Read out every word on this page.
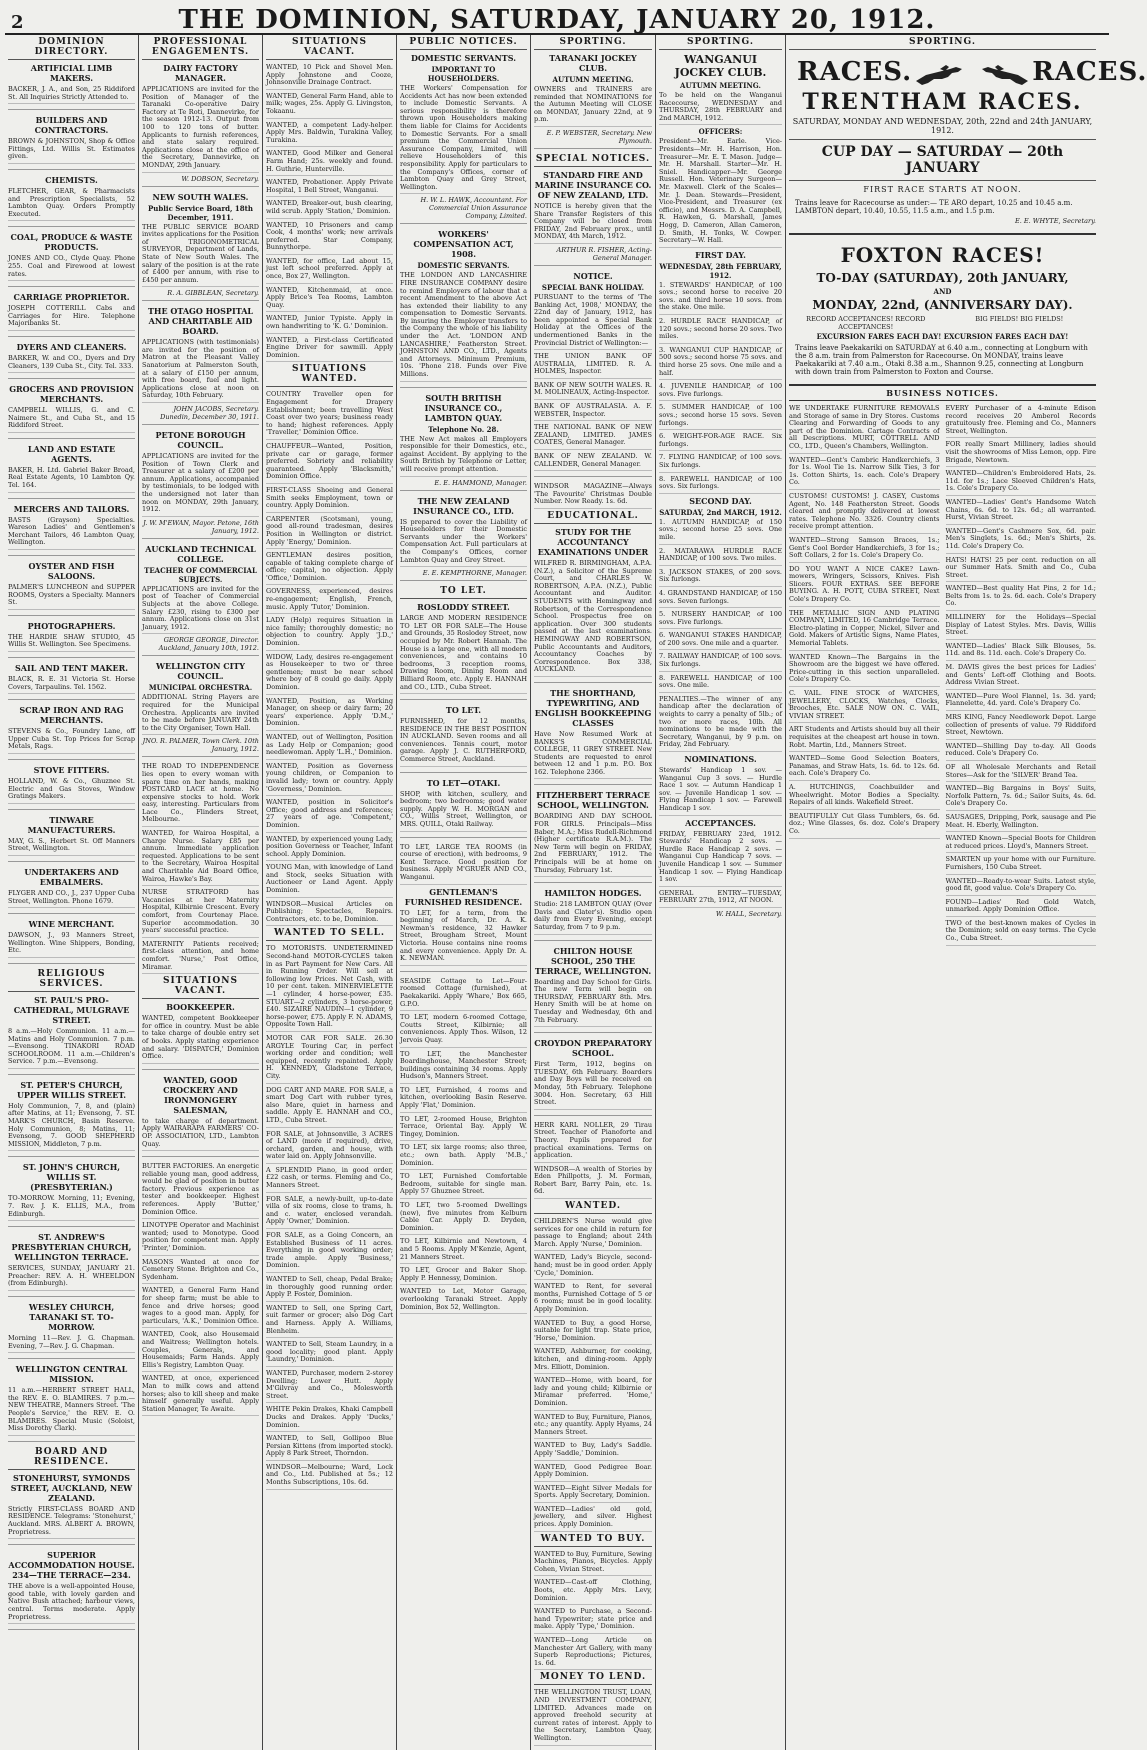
2	THE DOMINION, SATURDAY, JANUARY 20, 1912.
DOMINION DIRECTORY.
ARTIFICIAL LIMB MAKERS.
BACKER, J. A., and Son, 25 Riddiford St. All Inquiries Strictly Attended to.
BUILDERS AND CONTRACTORS.
BROWN & JOHNSTON, Shop & Office Fittings, Ltd. Willis St. Estimates given.
CHEMISTS.
FLETCHER, GEAR, & Pharmacists and Prescription Specialists, 52 Lambton Quay. Orders Promptly Executed.
COAL, PRODUCE & WASTE PRODUCTS.
JONES AND CO., Clyde Quay. Phone 255. Coal and Firewood at lowest rates.
CARRIAGE PROPRIETOR.
JOSEPH COTTERILL Cabs and Carriages for Hire. Telephone Majoribanks St.
DYERS AND CLEANERS.
BARKER, W. and CO., Dyers and Dry Cleaners, 139 Cuba St., City. Tel. 333.
GROCERS AND PROVISION MERCHANTS.
CAMPBELL WILLIS, G. and C. Naimere St., and Cuba St., and 15 Riddiford Street.
LAND AND ESTATE AGENTS.
BAKER, H. Ltd. Gabriel Baker Broad, Real Estate Agents, 10 Lambton Qy. Tel. 164.
MERCERS AND TAILORS.
BASTS (Grayson) Specialties. Wareson Ladies' and Gentlemen's Merchant Tailors, 46 Lambton Quay, Wellington.
OYSTER AND FISH SALOONS.
PALMER'S LUNCHEON and SUPPER ROOMS, Oysters a Specialty. Manners St.
PHOTOGRAPHERS.
THE HARDIE SHAW STUDIO, 45 Willis St. Wellington. See Specimens.
SAIL AND TENT MAKER.
BLACK, R. E. 31 Victoria St. Horse Covers, Tarpaulins. Tel. 1562.
SCRAP IRON AND RAG MERCHANTS.
STEVENS & Co., Foundry Lane, off Upper Cuba St. Top Prices for Scrap Metals, Rags.
STOVE FITTERS.
HOLLAND, W. & Co., Ghuznee St. Electric and Gas Stoves, Window Gratings Makers.
TINWARE MANUFACTURERS.
MAY, G. S., Herbert St. Off Manners Street, Wellington.
UNDERTAKERS AND EMBALMERS.
FLYGER AND CO., J., 237 Upper Cuba Street, Wellington. Phone 1679.
WINE MERCHANT.
DAWSON, J., 93 Manners Street, Wellington. Wine Shippers, Bonding, Etc.
RELIGIOUS SERVICES.
ST. PAUL'S PRO-CATHEDRAL, MULGRAVE STREET.
8 a.m.—Holy Communion. 11 a.m.—Matins and Holy Communion. 7 p.m.—Evensong. TINAKORI ROAD SCHOOLROOM. 11 a.m.—Children's Service. 7 p.m.—Evensong.
ST. PETER'S CHURCH, UPPER WILLIS STREET.
Holy Communion, 7, 8, and (plain) after Matins, at 11; Evensong, 7. ST. MARK'S CHURCH, Basin Reserve. Holy Communion, 8; Matins, 11; Evensong, 7. GOOD SHEPHERD MISSION, Middleton, 7 p.m.
ST. JOHN'S CHURCH, WILLIS ST. (PRESBYTERIAN.)
TO-MORROW. Morning, 11; Evening, 7. Rev. J. K. ELLIS, M.A., from Edinburgh.
ST. ANDREW'S PRESBYTERIAN CHURCH, WELLINGTON TERRACE.
SERVICES, SUNDAY, JANUARY 21. Preacher: REV. A. H. WHEELDON (from Edinburgh).
WESLEY CHURCH, TARANAKI ST. TO-MORROW.
Morning 11—Rev. J. G. Chapman. Evening, 7—Rev. J. G. Chapman.
WELLINGTON CENTRAL MISSION.
11 a.m.—HERBERT STREET HALL, the REV. E. O. BLAMIRES. 7 p.m.—NEW THEATRE, Manners Street. 'The People's Service,' the REV. E. O. BLAMIRES. Special Music (Soloist, Miss Dorothy Clark).
BOARD AND RESIDENCE.
STONEHURST, SYMONDS STREET, AUCKLAND, NEW ZEALAND.
Strictly FIRST-CLASS BOARD AND RESIDENCE. Telegrams: 'Stonehurst,' Auckland. MRS. ALBERT A. BROWN, Proprietress.
SUPERIOR ACCOMMODATION HOUSE. 234—THE TERRACE—234.
THE above is a well-appointed House, good table, with lovely garden and Native Bush attached; harbour views, central. Terms moderate. Apply Proprietress.
PROFESSIONAL ENGAGEMENTS.
DAIRY FACTORY MANAGER.
APPLICATIONS are invited for the Position of Manager of the Taranaki Co-operative Dairy Factory at Te Roti, Dannevirke, for the season 1912-13. Output from 100 to 120 tons of butter. Applicants to furnish references, and state salary required. Applications close at the office of the Secretary, Dannevirke, on MONDAY, 29th January.
W. DOBSON, Secretary.
NEW SOUTH WALES.
Public Service Board, 18th December, 1911.
THE PUBLIC SERVICE BOARD invites applications for the Position of TRIGONOMETRICAL SURVEYOR, Department of Lands, State of New South Wales. The salary of the position is at the rate of £400 per annum, with rise to £450 per annum.
R. A. GIBBLEAN, Secretary.
THE OTAGO HOSPITAL AND CHARITABLE AID BOARD.
APPLICATIONS (with testimonials) are invited for the position of Matron at the Pleasant Valley Sanatorium at Palmerston South, at a salary of £150 per annum, with free board, fuel and light. Applications close at noon on Saturday, 10th February.
JOHN JACOBS, Secretary. Dunedin, December 30, 1911.
PETONE BOROUGH COUNCIL.
APPLICATIONS are invited for the Position of Town Clerk and Treasurer at a salary of £200 per annum. Applications, accompanied by testimonials, to be lodged with the undersigned not later than noon on MONDAY, 29th January, 1912.
J. W. M'EWAN, Mayor. Petone, 16th January, 1912.
AUCKLAND TECHNICAL COLLEGE.
TEACHER OF COMMERCIAL SUBJECTS.
APPLICATIONS are invited for the post of Teacher of Commercial Subjects at the above College. Salary £230, rising to £300 per annum. Applications close on 31st January, 1912.
GEORGE GEORGE, Director. Auckland, January 10th, 1912.
WELLINGTON CITY COUNCIL.
MUNICIPAL ORCHESTRA.
ADDITIONAL String Players are required for the Municipal Orchestra. Applicants are invited to be made before JANUARY 24th to the City Organiser, Town Hall.
JNO. R. PALMER, Town Clerk. 10th January, 1912.
THE ROAD TO INDEPENDENCE lies open to every woman with spare time on her hands, making POSTCARD LACE at home. No expensive stocks to hold. Work easy, interesting. Particulars from Lace Co., Flinders Street, Melbourne.
WANTED, for Wairoa Hospital, a Charge Nurse. Salary £85 per annum. Immediate application requested. Applications to be sent to the Secretary, Wairoa Hospital and Charitable Aid Board Office, Wairoa, Hawke's Bay.
NURSE STRATFORD has Vacancies at her Maternity Hospital, Kilbirnie Crescent. Every comfort, from Courtenay Place. Superior accommodation. 30 years' successful practice.
MATERNITY Patients received; first-class attention, and home comfort. 'Nurse,' Post Office, Miramar.
SITUATIONS VACANT.
BOOKKEEPER.
WANTED, competent Bookkeeper for office in country. Must be able to take charge of double entry set of books. Apply stating experience and salary. 'DISPATCH,' Dominion Office.
WANTED, GOOD CROCKERY AND IRONMONGERY SALESMAN,
to take charge of department. Apply WAIRARAPA FARMERS' CO-OP. ASSOCIATION, LTD., Lambton Quay.
BUTTER FACTORIES. An energetic reliable young man, good address, would be glad of position in butter factory. Previous experience as tester and bookkeeper. Highest references. Apply 'Butter,' Dominion Office.
LINOTYPE Operator and Machinist wanted; used to Monotype. Good position for competent man. Apply 'Printer,' Dominion.
MASONS Wanted at once for Cemetery Stone. Brighton and Co., Sydenham.
WANTED, a General Farm Hand for sheep farm; must be able to fence and drive horses; good wages to a good man. Apply, for particulars, 'A.K.,' Dominion Office.
WANTED, Cook, also Housemaid and Waitress; Wellington hotels. Couples, Generals, and Housemaids; Farm Hands. Apply Ellis's Registry, Lambton Quay.
WANTED, at once, experienced Man to milk cows and attend horses; also to kill sheep and make himself generally useful. Apply Station Manager, Te Awaite.
SITUATIONS VACANT.
WANTED, 10 Pick and Shovel Men. Apply Johnstone and Cooze, Johnsonville Drainage Contract.
WANTED, General Farm Hand, able to milk; wages, 25s. Apply G. Livingston, Tokaanu.
WANTED, a competent Lady-helper. Apply Mrs. Baldwin, Turakina Valley, Turakina.
WANTED, Good Milker and General Farm Hand; 25s. weekly and found. H. Guthrie, Hunterville.
WANTED, Probationer. Apply Private Hospital, 1 Bell Street, Wanganui.
WANTED, Breaker-out, bush clearing, wild scrub. Apply 'Station,' Dominion.
WANTED, 10 Prisoners and camp Cook, 4 months' work; new arrivals preferred. Star Company, Bunnythorpe.
WANTED, for office, Lad about 15, just left school preferred. Apply at once, Box 27, Wellington.
WANTED, Kitchenmaid, at once. Apply Brice's Tea Rooms, Lambton Quay.
WANTED, Junior Typiste. Apply in own handwriting to 'K. G.' Dominion.
WANTED, a First-class Certificated Engine Driver for sawmill. Apply Dominion.
SITUATIONS WANTED.
COUNTRY Traveller open for Engagement for Drapery Establishment; been travelling West Coast over two years; business ready to hand; highest references. Apply 'Traveller,' Dominion Office.
CHAUFFEUR—Wanted, Position, private car or garage, former preferred. Sobriety and reliability guaranteed. Apply 'Blacksmith,' Dominion Office.
FIRST-CLASS Shoeing and General Smith seeks Employment, town or country. Apply Dominion.
CARPENTER (Scotsman), young, good all-round tradesman, desires Position in Wellington or district. Apply 'Energy,' Dominion.
GENTLEMAN desires position, capable of taking complete charge of office; capital, no objection. Apply 'Office,' Dominion.
GOVERNESS, experienced, desires re-engagement; English, French, music. Apply 'Tutor,' Dominion.
LADY (Help) requires Situation in nice family; thoroughly domestic; no objection to country. Apply 'J.D.,' Dominion.
WIDOW, Lady, desires re-engagement as Housekeeper to two or three gentlemen; must be near school where boy of 8 could go daily. Apply Dominion.
WANTED, Position, as Working Manager, on sheep or dairy farm; 20 years' experience. Apply 'D.M.,' Dominion.
WANTED, out of Wellington, Position as Lady Help or Companion; good needlewoman. Apply 'L.H.,' Dominion.
WANTED, Position as Governess young children, or Companion to invalid lady; town or country. Apply 'Governess,' Dominion.
WANTED, position in Solicitor's Office; good address and references; 27 years of age. 'Competent,' Dominion.
WANTED, by experienced young Lady, position Governess or Teacher, Infant school. Apply Dominion.
YOUNG Man, with knowledge of Land and Stock, seeks Situation with Auctioneer or Land Agent. Apply Dominion.
WINDSOR—Musical Articles on Publishing; Spectacles, Repairs. Contractors, etc. to be, Dominion.
WANTED TO SELL.
TO MOTORISTS. UNDETERMINED Second-hand MOTOR-CYCLES taken in as Part Payment for New Cars. All in Running Order. Will sell at following low Prices. Net Cash, with 10 per cent. taken. MINERVIELETTE—1 cylinder, 4 horse-power, £35. STUART—2 cylinders, 3 horse-power, £40. SIZAIRE NAUDIN—1 cylinder, 9 horse-power, £75. Apply F. N. ADAMS, Opposite Town Hall.
MOTOR CAR FOR SALE. 26.30 ARGYLE Touring Car, in perfect working order and condition; well equipped, recently repainted. Apply H. KENNEDY, Gladstone Terrace, City.
DOG CART AND MARE. FOR SALE, a smart Dog Cart with rubber tyres, also Mare, quiet in harness and saddle. Apply E. HANNAH and CO., LTD., Cuba Street.
FOR SALE, at Johnsonville, 3 ACRES of LAND (more if required), drive, orchard, garden, and house, with water laid on. Apply Johnsonville.
A SPLENDID Piano, in good order, £22 cash, or terms. Fleming and Co., Manners Street.
FOR SALE, a newly-built, up-to-date villa of six rooms, close to trams, h. and c. water, enclosed verandah. Apply 'Owner,' Dominion.
FOR SALE, as a Going Concern, an Established Business of 11 acres. Everything in good working order; trade ample. Apply 'Business,' Dominion.
WANTED to Sell, cheap, Pedal Brake; in thoroughly good running order. Apply P. Foster, Dominion.
WANTED to Sell, one Spring Cart, suit farmer or grocer; also Dog Cart and Harness. Apply A. Williams, Blenheim.
WANTED to Sell, Steam Laundry, in a good locality; good plant. Apply 'Laundry,' Dominion.
WANTED, Purchaser, modern 2-storey Dwelling; Lower Hutt. Apply M'Gilvray and Co., Molesworth Street.
WHITE Pekin Drakes, Khaki Campbell Ducks and Drakes. Apply 'Ducks,' Dominion.
WANTED, to Sell, Gollipoo Blue Persian Kittens (from imported stock). Apply 8 Park Street, Thorndon.
WINDSOR—Melbourne; Ward, Lock and Co., Ltd. Published at 5s.; 12 Months Subscriptions, 10s. 6d.
PUBLIC NOTICES.
DOMESTIC SERVANTS.
IMPORTANT TO HOUSEHOLDERS.
THE Workers' Compensation for Accidents Act has now been extended to include Domestic Servants. A serious responsibility is therefore thrown upon Householders making them liable for Claims for Accidents to Domestic Servants. For a small premium the Commercial Union Assurance Company, Limited, will relieve Householders of this responsibility. Apply for particulars to the Company's Offices, corner of Lambton Quay and Grey Street, Wellington.
H. W. L. HAWK, Accountant. For Commercial Union Assurance Company, Limited.
WORKERS' COMPENSATION ACT, 1908.
DOMESTIC SERVANTS.
THE LONDON AND LANCASHIRE FIRE INSURANCE COMPANY desire to remind Employers of labour that a recent Amendment to the above Act has extended their liability to any compensation to Domestic Servants. By insuring the Employer transfers to the Company the whole of his liability under the Act. 'LONDON AND LANCASHIRE,' Featherston Street. JOHNSTON AND CO., LTD., Agents and Attorneys. Minimum Premium, 10s. 'Phone 218. Funds over Five Millions.
SOUTH BRITISH INSURANCE CO., LAMBTON QUAY.
Telephone No. 28.
THE New Act makes all Employers responsible for their Domestics, etc., against Accident. By applying to the South British by Telephone or Letter, will receive prompt attention.
E. E. HAMMOND, Manager.
THE NEW ZEALAND INSURANCE CO., LTD.
IS prepared to cover the Liability of Householders for their Domestic Servants under the Workers' Compensation Act. Full particulars at the Company's Offices, corner Lambton Quay and Grey Street.
E. E. KEMPTHORNE, Manager.
TO LET.
ROSLODDY STREET.
LARGE AND MODERN RESIDENCE TO LET OR FOR SALE—The House and Grounds, 35 Roslodey Street, now occupied by Mr. Robert Hannah. The House is a large one, with all modern conveniences, and contains 10 bedrooms, 3 reception rooms, Drawing Room, Dining Room and Billiard Room, etc. Apply E. HANNAH and CO., LTD., Cuba Street.
TO LET.
FURNISHED, for 12 months, RESIDENCE IN THE BEST POSITION IN AUCKLAND. Seven rooms and all conveniences. Tennis court, motor garage. Apply J. C. RUTHERFORD, Commerce Street, Auckland.
TO LET—OTAKI.
SHOP, with kitchen, scullery, and bedroom; two bedrooms; good water supply. Apply W. H. MORGAN and CO., Willis Street, Wellington, or MRS. QUILL, Otaki Railway.
TO LET, LARGE TEA ROOMS (in course of erection), with bedrooms, 9 Kent Terrace. Good position for business. Apply M'GRUER AND CO., Wanganui.
GENTLEMAN'S FURNISHED RESIDENCE.
TO LET, for a term, from the beginning of March, Dr. A. K. Newman's residence, 32 Hawker Street, Brougham Street, Mount Victoria. House contains nine rooms and every convenience. Apply Dr. A. K. NEWMAN.
SEASIDE Cottage to Let—Four-roomed Cottage (furnished), at Paekakariki. Apply 'Whare,' Box 665, G.P.O.
TO LET, modern 6-roomed Cottage, Coutts Street, Kilbirnie; all conveniences. Apply Thos. Wilson, 12 Jervois Quay.
TO LET, the Manchester Boardinghouse, Manchester Street; buildings containing 34 rooms. Apply Hudson's, Manners Street.
TO LET, Furnished, 4 rooms and kitchen, overlooking Basin Reserve. Apply 'Flat,' Dominion.
TO LET, 2-roomed House, Brighton Terrace, Oriental Bay. Apply W. Tingey, Dominion.
TO LET, six large rooms; also three, etc.; own bath. Apply 'M.B.,' Dominion.
TO LET, Furnished Comfortable Bedroom, suitable for single man. Apply 57 Ghuznee Street.
TO LET, two 5-roomed Dwellings (new), five minutes from Kelburn Cable Car. Apply D. Dryden, Dominion.
TO LET, Kilbirnie and Newtown, 4 and 5 Rooms. Apply M'Kenzie, Agent, 21 Manners Street.
TO LET, Grocer and Baker Shop. Apply P. Hennessy, Dominion.
WANTED to Let, Motor Garage, overlooking Taranaki Street. Apply Dominion, Box 52, Wellington.
SPORTING.
TARANAKI JOCKEY CLUB.
AUTUMN MEETING.
OWNERS and TRAINERS are reminded that NOMINATIONS for the Autumn Meeting will CLOSE on MONDAY, January 22nd, at 9 p.m.
E. P. WEBSTER, Secretary. New Plymouth.
SPECIAL NOTICES.
STANDARD FIRE AND MARINE INSURANCE CO. OF NEW ZEALAND, LTD.
NOTICE is hereby given that the Share Transfer Registers of this Company will be closed from FRIDAY, 2nd February prox., until MONDAY, 4th March, 1912.
ARTHUR R. FISHER, Acting-General Manager.
NOTICE.
SPECIAL BANK HOLIDAY.
PURSUANT to the terms of 'The Banking Act, 1908,' MONDAY, the 22nd day of January, 1912, has been appointed a Special Bank Holiday at the Offices of the undermentioned Banks in the Provincial District of Wellington:—
THE UNION BANK OF AUSTRALIA, LIMITED. R. A. HOLMES, Inspector.
BANK OF NEW SOUTH WALES. R. M. MOLINEAUX, Acting-Inspector.
BANK OF AUSTRALASIA. A. F. WEBSTER, Inspector.
THE NATIONAL BANK OF NEW ZEALAND, LIMITED. JAMES COATES, General Manager.
BANK OF NEW ZEALAND. W. CALLENDER, General Manager.
WINDSOR MAGAZINE—Always 'The Favourite' Christmas Double Number. Now Ready. 1s. 6d.
EDUCATIONAL.
STUDY FOR THE ACCOUNTANCY EXAMINATIONS UNDER
WILFRED R. BIRMINGHAM, A.P.A. (N.Z.), a Solicitor of the Supreme Court, and CHARLES W. ROBERTSON, A.P.A. (N.Z.), Public Accountant and Auditor. STUDENTS with Hemingway and Robertson, of the Correspondence School. Prospectus free on application. Over 300 students passed at the last examinations. HEMINGWAY AND ROBERTSON, Public Accountants and Auditors, Accountancy Coaches by Correspondence. Box 338, AUCKLAND.
THE SHORTHAND, TYPEWRITING, AND ENGLISH BOOKKEEPING CLASSES
Have Now Resumed Work at BANKS'S COMMERCIAL COLLEGE, 11 GREY STREET. New Students are requested to enrol between 12 and 1 p.m. P.O. Box 162. Telephone 2366.
FITZHERBERT TERRACE SCHOOL, WELLINGTON.
BOARDING AND DAY SCHOOL FOR GIRLS. Principals—Miss Baber, M.A.; Miss Rudell-Richmond (Higher certificate R.A.M.). The New Term will begin on FRIDAY, 2nd FEBRUARY, 1912. The Principals will be at home on Thursday, February 1st.
HAMILTON HODGES.
Studio: 218 LAMBTON QUAY (Over Davis and Clater's). Studio open daily from Every Evening, except Saturday, from 7 to 9 p.m.
CHILTON HOUSE SCHOOL, 250 THE TERRACE, WELLINGTON.
Boarding and Day School for Girls. The new Term will begin on THURSDAY, FEBRUARY 8th. Mrs. Henry Smith will be at home on Tuesday and Wednesday, 6th and 7th February.
CROYDON PREPARATORY SCHOOL.
First Term, 1912, begins on TUESDAY, 6th February. Boarders and Day Boys will be received on Monday, 5th February. Telephone 3004. Hon. Secretary, 63 Hill Street.
HERR KARL NOLLER, 29 Tirau Street. Teacher of Pianoforte and Theory. Pupils prepared for practical examinations. Terms on application.
WINDSOR—A wealth of Stories by Eden Phillpotts, J. M. Forman, Robert Barr, Barry Pain, etc. 1s. 6d.
WANTED.
CHILDREN'S Nurse would give services for one child in return for passage to England; about 24th March. Apply 'Nurse,' Dominion.
WANTED, Lady's Bicycle, second-hand; must be in good order. Apply 'Cycle,' Dominion.
WANTED to Rent, for several months, Furnished Cottage of 5 or 6 rooms; must be in good locality. Apply Dominion.
WANTED to Buy, a good Horse, suitable for light trap. State price, 'Horse,' Dominion.
WANTED, Ashburner, for cooking, kitchen, and dining-room. Apply Mrs. Elliott, Dominion.
WANTED—Home, with board, for lady and young child; Kilbirnie or Miramar preferred. 'Home,' Dominion.
WANTED to Buy, Furniture, Pianos, etc.; any quantity. Apply Hyams, 24 Manners Street.
WANTED to Buy, Lady's Saddle. Apply 'Saddle,' Dominion.
WANTED, Good Pedigree Boar. Apply Dominion.
WANTED—Eight Silver Medals for Sports. Apply Secretary, Dominion.
WANTED—Ladies' old gold, jewellery, and silver. Highest prices. Apply Dominion.
WANTED TO BUY.
WANTED to Buy, Furniture, Sewing Machines, Pianos, Bicycles. Apply Cohen, Vivian Street.
WANTED—Cast-off Clothing, Boots, etc. Apply Mrs. Levy, Dominion.
WANTED to Purchase, a Second-hand Typewriter; state price and make. Apply 'Type,' Dominion.
WANTED—Long Article on Manchester Art Gallery, with many Superb Reproductions; Pictures, 1s. 6d.
MONEY TO LEND.
THE WELLINGTON TRUST, LOAN, AND INVESTMENT COMPANY, LIMITED. Advances made on approved freehold security at current rates of interest. Apply to the Secretary, Lambton Quay, Wellington.
SPORTING.
WANGANUI JOCKEY CLUB.
AUTUMN MEETING.
To be held on the Wanganui Racecourse, WEDNESDAY and THURSDAY, 28th FEBRUARY and 2nd MARCH, 1912.
OFFICERS:
President—Mr. Earle. Vice-Presidents—Mr. H. Harrison, Hon. Treasurer—Mr. E. T. Mason. Judge—Mr. H. Marshall. Starter—Mr. H. Sniel. Handicapper—Mr. George Russell. Hon. Veterinary Surgeon—Mr. Maxwell. Clerk of the Scales—Mr. J. Dean. Stewards—President, Vice-President, and Treasurer (ex officio), and Messrs. D. A. Campbell, R. Hawken, G. Marshall, James Hogg, D. Cameron, Allan Cameron, D. Smith, H. Tonks, W. Cowper. Secretary—W. Hall.
FIRST DAY.
WEDNESDAY, 28th FEBRUARY, 1912.
1. STEWARDS' HANDICAP, of 100 sovs.; second horse to receive 20 sovs. and third horse 10 sovs. from the stake. One mile.
2. HURDLE RACE HANDICAP, of 120 sovs.; second horse 20 sovs. Two miles.
3. WANGANUI CUP HANDICAP, of 500 sovs.; second horse 75 sovs. and third horse 25 sovs. One mile and a half.
4. JUVENILE HANDICAP, of 100 sovs. Five furlongs.
5. SUMMER HANDICAP, of 100 sovs.; second horse 15 sovs. Seven furlongs.
6. WEIGHT-FOR-AGE RACE. Six furlongs.
7. FLYING HANDICAP, of 100 sovs. Six furlongs.
8. FAREWELL HANDICAP, of 100 sovs. Six furlongs.
SECOND DAY.
SATURDAY, 2nd MARCH, 1912.
1. AUTUMN HANDICAP, of 150 sovs.; second horse 25 sovs. One mile.
2. MATARAWA HURDLE RACE HANDICAP, of 100 sovs. Two miles.
3. JACKSON STAKES, of 200 sovs. Six furlongs.
4. GRANDSTAND HANDICAP, of 150 sovs. Seven furlongs.
5. NURSERY HANDICAP, of 100 sovs. Five furlongs.
6. WANGANUI STAKES HANDICAP, of 200 sovs. One mile and a quarter.
7. RAILWAY HANDICAP, of 100 sovs. Six furlongs.
8. FAREWELL HANDICAP, of 100 sovs. One mile.
PENALTIES.—The winner of any handicap after the declaration of weights to carry a penalty of 5lb.; of two or more races, 10lb. All nominations to be made with the Secretary, Wanganui, by 9 p.m. on Friday, 2nd February.
NOMINATIONS.
Stewards' Handicap 1 sov. — Wanganui Cup 3 sovs. — Hurdle Race 1 sov. — Autumn Handicap 1 sov. — Juvenile Handicap 1 sov. — Flying Handicap 1 sov. — Farewell Handicap 1 sov.
ACCEPTANCES.
FRIDAY, FEBRUARY 23rd, 1912. Stewards' Handicap 2 sovs. — Hurdle Race Handicap 2 sovs. — Wanganui Cup Handicap 7 sovs. — Juvenile Handicap 1 sov. — Summer Handicap 1 sov. — Flying Handicap 1 sov.
GENERAL ENTRY—TUESDAY, FEBRUARY 27th, 1912, AT NOON.
W. HALL, Secretary.
SPORTING.
RACES.	RACES.
TRENTHAM RACES.
SATURDAY, MONDAY AND WEDNESDAY, 20th, 22nd and 24th JANUARY, 1912.
CUP DAY — SATURDAY — 20th JANUARY
FIRST RACE STARTS AT NOON.
Trains leave for Racecourse as under:— TE ARO depart, 10.25 and 10.45 a.m. LAMBTON depart, 10.40, 10.55, 11.5 a.m., and 1.5 p.m.
E. E. WHYTE, Secretary.
FOXTON RACES!
TO-DAY (SATURDAY), 20th JANUARY,
AND
MONDAY, 22nd, (ANNIVERSARY DAY).
RECORD ACCEPTANCES! RECORD ACCEPTANCES!
BIG FIELDS! BIG FIELDS!
EXCURSION FARES EACH DAY! EXCURSION FARES EACH DAY!
Trains leave Paekakariki on SATURDAY at 6.40 a.m., connecting at Longburn with the 8 a.m. train from Palmerston for Racecourse. On MONDAY, trains leave Paekakariki at 7.40 a.m., Otaki 8.38 a.m., Shannon 9.25, connecting at Longburn with down train from Palmerston to Foxton and Course.
BUSINESS NOTICES.
WE UNDERTAKE FURNITURE REMOVALS and Storage of same in Dry Stores. Customs Clearing and Forwarding of Goods to any part of the Dominion. Cartage Contracts of all Descriptions. MURT, COTTRELL AND CO., LTD., Queen's Chambers, Wellington.
WANTED—Gent's Cambric Handkerchiefs, 3 for 1s. Wool Tie 1s. Narrow Silk Ties, 3 for 1s. Cotton Shirts, 1s. each. Cole's Drapery Co.
CUSTOMS! CUSTOMS! J. CASEY, Customs Agent, No. 148 Featherston Street. Goods cleared and promptly delivered at lowest rates. Telephone No. 3326. Country clients receive prompt attention.
WANTED—Strong Samson Braces, 1s.; Gent's Cool Border Handkerchiefs, 3 for 1s.; Soft Collars, 2 for 1s. Cole's Drapery Co.
DO YOU WANT A NICE CAKE? Lawn-mowers, Wringers, Scissors, Knives. Fish Slicers. FOUR EXTRAS. SEE BEFORE BUYING. A. H. POTT, CUBA STREET, Next Cole's Drapery Co.
THE METALLIC SIGN AND PLATING COMPANY, LIMITED, 16 Cambridge Terrace. Electro-plating in Copper, Nickel, Silver and Gold. Makers of Artistic Signs, Name Plates, Memorial Tablets.
WANTED Known—The Bargains in the Showroom are the biggest we have offered. Price-cutting in this section unparalleled. Cole's Drapery Co.
C. VAIL. FINE STOCK of WATCHES, JEWELLERY, CLOCKS, Watches, Clocks, Brooches, Etc. SALE NOW ON. C. VAIL, VIVIAN STREET.
ART Students and Artists should buy all their requisites at the cheapest art house in town. Robt. Martin, Ltd., Manners Street.
WANTED—Some Good Selection Boaters, Panamas, and Straw Hats, 1s. 6d. to 12s. 6d. each. Cole's Drapery Co.
A. HUTCHINGS, Coachbuilder and Wheelwright. Motor Bodies a Specialty. Repairs of all kinds. Wakefield Street.
BEAUTIFULLY Cut Glass Tumblers, 6s. 6d. doz.; Wine Glasses, 6s. doz. Cole's Drapery Co.
EVERY Purchaser of a 4-minute Edison record receives 20 Amberol Records gratuitously free. Fleming and Co., Manners Street, Wellington.
FOR really Smart Millinery, ladies should visit the showrooms of Miss Lemon, opp. Fire Brigade, Newtown.
WANTED—Children's Embroidered Hats, 2s. 11d. for 1s.; Lace Sleeved Children's Hats, 1s. Cole's Drapery Co.
WANTED—Ladies' Gent's Handsome Watch Chains, 6s. 6d. to 12s. 6d.; all warranted. Hurst, Vivian Street.
WANTED—Gent's Cashmere Sox, 6d. pair. Men's Singlets, 1s. 6d.; Men's Shirts, 2s. 11d. Cole's Drapery Co.
HATS! HATS! 25 per cent. reduction on all our Summer Hats. Smith and Co., Cuba Street.
WANTED—Best quality Hat Pins, 2 for 1d.; Belts from 1s. to 2s. 6d. each. Cole's Drapery Co.
MILLINERY for the Holidays—Special Display of Latest Styles. Mrs. Davis, Willis Street.
WANTED—Ladies' Black Silk Blouses, 5s. 11d. and 8s. 11d. each. Cole's Drapery Co.
M. DAVIS gives the best prices for Ladies' and Gents' Left-off Clothing and Boots. Address Vivian Street.
WANTED—Pure Wool Flannel, 1s. 3d. yard; Flannelette, 4d. yard. Cole's Drapery Co.
MRS KING, Fancy Needlework Depot. Large collection of presents of value. 79 Riddiford Street, Newtown.
WANTED—Shilling Day to-day. All Goods reduced. Cole's Drapery Co.
OF all Wholesale Merchants and Retail Stores—Ask for the 'SILVER' Brand Tea.
WANTED—Big Bargains in Boys' Suits, Norfolk Pattern, 7s. 6d.; Sailor Suits, 4s. 6d. Cole's Drapery Co.
SAUSAGES, Dripping, Pork, sausage and Pie Meat. H. Eberly, Wellington.
WANTED Known—Special Boots for Children at reduced prices. Lloyd's, Manners Street.
SMARTEN up your home with our Furniture. Furnishers, 150 Cuba Street.
WANTED—Ready-to-wear Suits. Latest style, good fit, good value. Cole's Drapery Co.
FOUND—Ladies' Red Gold Watch, unmarked. Apply Dominion Office.
TWO of the best-known makes of Cycles in the Dominion; sold on easy terms. The Cycle Co., Cuba Street.
